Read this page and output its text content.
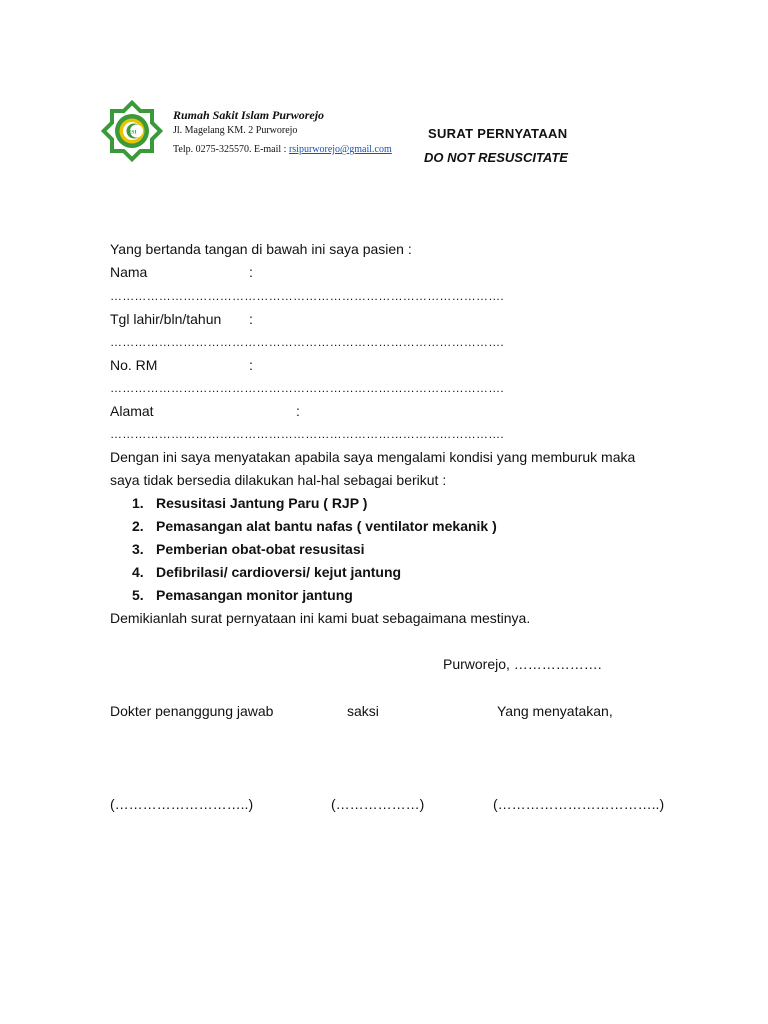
RSI
Rumah Sakit Islam Purworejo
Jl. Magelang KM. 2 Purworejo
Telp. 0275-325570. E-mail : rsipurworejo@gmail.com
SURAT PERNYATAAN
DO NOT RESUSCITATE
Yang bertanda tangan di bawah ini saya pasien :
Nama	:
…………………………………………………………………………………….
Tgl lahir/bln/tahun :
…………………………………………………………………………………….
No. RM	:
…………………………………………………………………………………….
Alamat	:
…………………………………………………………………………………….
Dengan ini saya menyatakan apabila saya mengalami kondisi yang memburuk maka
saya tidak bersedia dilakukan hal-hal sebagai berikut :
1. Resusitasi Jantung Paru ( RJP )
2. Pemasangan alat bantu nafas ( ventilator mekanik )
3. Pemberian obat-obat resusitasi
4. Defibrilasi/ cardioversi/ kejut jantung
5. Pemasangan monitor jantung
Demikianlah surat pernyataan ini kami buat sebagaimana mestinya.
Purworejo, ……………….
Dokter penanggung jawab	saksi	Yang menyatakan,
(………………………..)	(………………)	(……………………………..)
